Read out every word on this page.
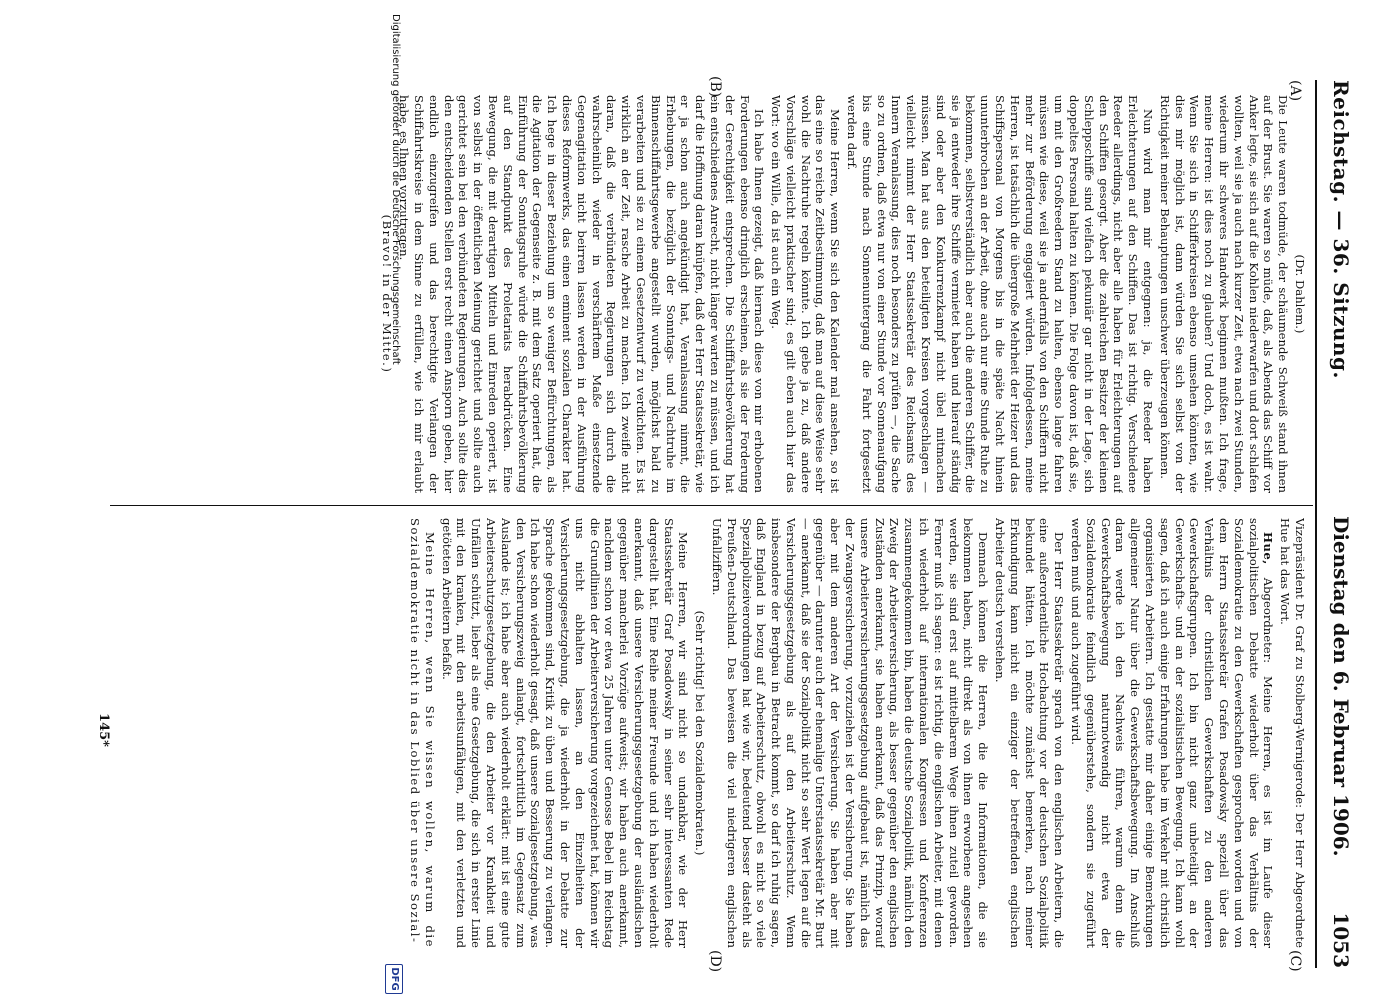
Reichstag. — 36. Sitzung.
Dienstag den 6. Februar 1906.        1053
(A)
(B)
(C)
(D)

(Dr. Dahlem.)

Die Leute waren todmüde, der schäumende Schweiß stand ihnen auf der Brust. Sie waren so müde, daß, als Abends das Schiff vor Anker legte, sie sich auf die Kohlen niederwarfen und dort schlafen wollten, weil sie ja auch nach kurzer Zeit, etwa nach zwei Stunden, wiederum ihr schweres Handwerk beginnen mußten. Ich frage, meine Herren: ist dies noch zu glauben? Und doch, es ist wahr. Wenn Sie sich in Schifferkreisen ebenso umsehen könnten, wie dies mir möglich ist, dann würden Sie sich selbst von der Richtigkeit meiner Behauptungen unschwer überzeugen können.

Nun wird man mir entgegnen: ja, die Reeder haben Erleichterungen auf den Schiffen. Das ist richtig. Verschiedene Reeder allerdings, nicht aber alle haben für Erleichterungen auf den Schiffen gesorgt. Aber die zahlreichen Besitzer der kleinen Schleppschiffe sind vielfach pekuniär gar nicht in der Lage, sich doppeltes Personal halten zu können. Die Folge davon ist, daß sie, um mit den Großreedern Stand zu halten, ebenso lange fahren müssen wie diese, weil sie ja andernfalls von den Schiffern nicht mehr zur Beförderung engagiert würden. Infolgedessen, meine Herren, ist tatsächlich die übergroße Mehrheit der Heizer und das Schiffspersonal von Morgens bis in die späte Nacht hinein ununterbrochen an der Arbeit, ohne auch nur eine Stunde Ruhe zu bekommen, selbstverständlich aber auch die anderen Schiffer, die sie ja entweder ihre Schiffe vermietet haben und hierauf ständig sind oder aber den Konkurrenzkampf nicht übel mitmachen müssen. Man hat aus den beteiligten Kreisen vorgeschlagen — vielleicht nimmt der Herr Staatssekretär des Reichsamts des Innern Veranlassung, dies noch besonders zu prüfen —, die Sache so zu ordnen, daß etwa nur von einer Stunde vor Sonnenaufgang bis eine Stunde nach Sonnenuntergang die Fahrt fortgesetzt werden darf.

Meine Herren, wenn Sie sich den Kalender mal ansehen, so ist das eine so reiche Zeitbestimmung, daß man auf diese Weise sehr wohl die Nachtruhe regeln könnte. Ich gebe ja zu, daß andere Vorschläge vielleicht praktischer sind; es gilt eben auch hier das Wort: wo ein Wille, da ist auch ein Weg.

Ich habe Ihnen gezeigt, daß hiernach diese von mir erhobenen Forderungen ebenso dringlich erscheinen, als sie der Forderung der Gerechtigkeit entsprechen. Die Schifffahrtsbevölkerung hat ein entschiedenes Anrecht, nicht länger warten zu müssen, und ich darf die Hoffnung daran knüpfen, daß der Herr Staatssekretär, wie er ja schon auch angekündigt hat, Veranlassung nimmt, die Erhebungen, die bezüglich der Sonntags- und Nachtruhe im Binnenschiffahrtsgewerbe angestellt wurden, möglichst bald zu verarbeiten und sie zu einem Gesetzentwurf zu verdichten. Es ist wirklich an der Zeit, rasche Arbeit zu machen. Ich zweifle nicht daran, daß die verbündeten Regierungen sich durch die wahrscheinlich wieder in verschärftem Maße einsetzende Gegenagitation nicht beirren lassen werden in der Ausführung dieses Reformwerks, das einen eminent sozialen Charakter hat. Ich hege in dieser Beziehung um so weniger Befürchtungen, als die Agitation der Gegenseite z. B. mit dem Satz operiert hat, die Einführung der Sonntagsruhe würde die Schiffahrtsbevölkerung auf den Standpunkt des Proletariats herabdrücken. Eine Bewegung, die mit derartigen Mitteln und Einreden operiert, ist von selbst in der öffentlichen Meinung gerichtet und sollte auch gerichtet sein bei den verbündeten Regierungen. Auch sollte dies den entscheidenden Stellen erst recht einen Ansporn geben, hier endlich einzugreifen und das berechtigte Verlangen der Schiffahrtskreise in dem Sinne zu erfüllen, wie ich mir erlaubt habe, es Ihnen vorzutragen.

(Bravo! in der Mitte.)

Vizepräsident Dr. Graf zu Stolberg-Wernigerode: Der Herr Abgeordnete Hue hat das Wort.

Hue, Abgeordneter: Meine Herren, es ist im Laufe dieser sozialpolitischen Debatte wiederholt über das Verhältnis der Sozialdemokratie zu den Gewerkschaften gesprochen worden und von dem Herrn Staatssekretär Grafen Posadowsky speziell über das Verhältnis der christlichen Gewerkschaften zu den anderen Gewerkschaftsgruppen. Ich bin nicht ganz unbeteiligt an der Gewerkschafts- und an der sozialistischen Bewegung. Ich kann wohl sagen, daß ich auch einige Erfahrungen habe im Verkehr mit christlich organisierten Arbeitern. Ich gestatte mir daher einige Bemerkungen allgemeiner Natur über die Gewerkschaftsbewegung. Im Anschluß daran werde ich den Nachweis führen, warum denn die Gewerkschaftsbewegung naturnotwendig nicht etwa der Sozialdemokratie feindlich gegenüberstehe, sondern sie zugeführt werden muß und auch zugeführt wird.

Der Herr Staatssekretär sprach von den englischen Arbeitern, die eine außerordentliche Hochachtung vor der deutschen Sozialpolitik bekundet hätten. Ich möchte zunächst bemerken, nach meiner Erkundigung kann nicht ein einziger der betreffenden englischen Arbeiter deutsch verstehen.

Demnach können die Herren, die die Informationen, die sie bekommen haben, nicht direkt als von ihnen erworbene angesehen werden, sie sind erst auf mittelbarem Wege ihnen zuteil geworden. Ferner muß ich sagen: es ist richtig, die englischen Arbeiter, mit denen ich wiederholt auf internationalen Kongressen und Konferenzen zusammengekommen bin, haben die deutsche Sozialpolitik, nämlich den Zweig der Arbeiterversicherung, als besser gegenüber den englischen Zuständen anerkannt, sie haben anerkannt, daß das Prinzip, worauf unsere Arbeiterversicherungsgesetzgebung aufgebaut ist, nämlich das der Zwangsversicherung, vorzuziehen ist der Versicherung. Sie haben aber mit dem anderen Art der Versicherung. Sie haben aber mit gegenüber — darunter auch der ehemalige Unterstaatssekretär Mr. Burt — anerkannt, daß sie der Sozialpolitik nicht so sehr Wert legen auf die Versicherungsgesetzgebung als auf den Arbeiterschutz. Wenn insbesondere der Bergbau in Betracht kommt, so darf ich ruhig sagen, daß England in bezug auf Arbeiterschutz, obwohl es nicht so viele Spezialpolizeiverordnungen hat wie wir, bedeutend besser dasteht als Preußen-Deutschland. Das beweisen die viel niedrigeren englischen Unfallziffern.

(Sehr richtig! bei den Sozialdemokraten.)

Meine Herren, wir sind nicht so undankbar, wie der Herr Staatssekretär Graf Posadowsky in seiner sehr interessanten Rede dargestellt hat. Eine Reihe meiner Freunde und ich haben wiederholt anerkannt, daß unsere Versicherungsgesetzgebung der ausländischen gegenüber mancherlei Vorzüge aufweist; wir haben auch anerkannt, nachdem schon vor etwa 25 Jahren unter Genosse Bebel im Reichstag die Grundlinien der Arbeiterversicherung vorgezeichnet hat, können wir uns nicht abhalten lassen, an den Einzelheiten der Versicherungsgesetzgebung, die ja wiederholt in der Debatte zur Sprache gekommen sind, Kritik zu üben und Besserung zu verlangen. Ich habe schon wiederholt gesagt, daß unsere Sozialgesetzgebung, was den Versicherungszweig anlangt, fortschrittlich im Gegensatz zum Auslande ist; ich habe aber auch wiederholt erklärt: mit ist eine gute Arbeiterschutzgesetzgebung, die den Arbeiter vor Krankheit und Unfällen schützt, lieber als eine Gesetzgebung, die sich in erster Linie mit den kranken, mit den arbeitsunfähigen, mit den verletzten und getöteten Arbeitern befaßt.

Meine Herren, wenn Sie wissen wollen, warum die Sozialdemokratie nicht in das Loblied über unsere Sozial-

145*
Digitalisierung gefördert durch die Deutsche Forschungsgemeinschaft
DFG
